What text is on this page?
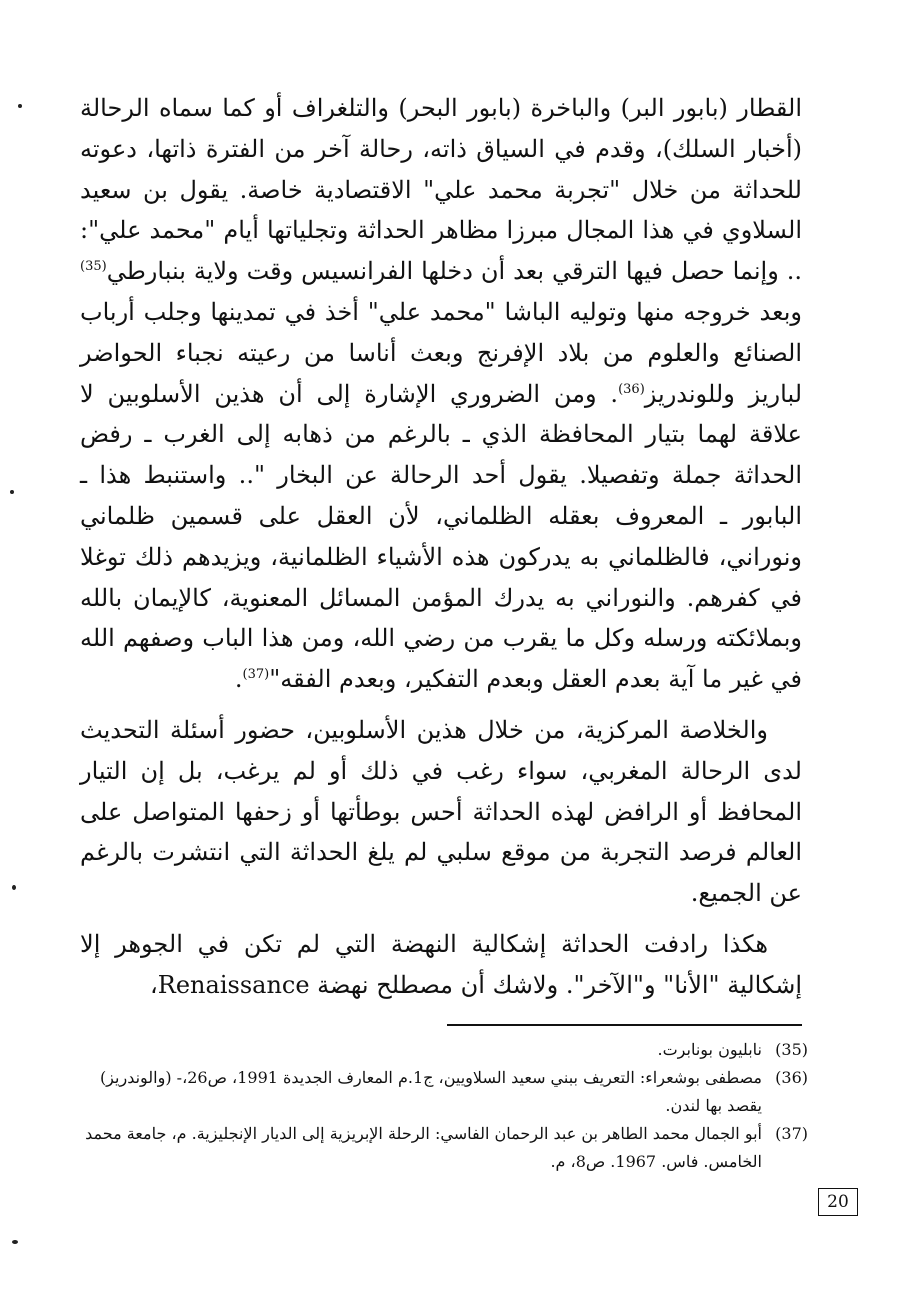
القطار (بابور البر) والباخرة (بابور البحر) والتلغراف أو كما سماه الرحالة (أخبار السلك)، وقدم في السياق ذاته، رحالة آخر من الفترة ذاتها، دعوته للحداثة من خلال "تجربة محمد علي" الاقتصادية خاصة. يقول بن سعيد السلاوي في هذا المجال مبرزا مظاهر الحداثة وتجلياتها أيام "محمد علي": .. وإنما حصل فيها الترقي بعد أن دخلها الفرانسيس وقت ولاية بنبارطي$^{(35)}$ وبعد خروجه منها وتوليه الباشا "محمد علي" أخذ في تمدينها وجلب أرباب الصنائع والعلوم من بلاد الإفرنج وبعث أناسا من رعيته نجباء الحواضر لباريز وللوندريز$^{(36)}$. ومن الضروري الإشارة إلى أن هذين الأسلوبين لا علاقة لهما بتيار المحافظة الذي ـ بالرغم من ذهابه إلى الغرب ـ رفض الحداثة جملة وتفصيلا. يقول أحد الرحالة عن البخار ".. واستنبط هذا ـ البابور ـ المعروف بعقله الظلماني، لأن العقل على قسمين ظلماني ونوراني، فالظلماني به يدركون هذه الأشياء الظلمانية، ويزيدهم ذلك توغلا في كفرهم. والنوراني به يدرك المؤمن المسائل المعنوية، كالإيمان بالله وبملائكته ورسله وكل ما يقرب من رضي الله، ومن هذا الباب وصفهم الله في غير ما آية بعدم العقل وبعدم التفكير، وبعدم الفقه"$^{(37)}$.

والخلاصة المركزية، من خلال هذين الأسلوبين، حضور أسئلة التحديث لدى الرحالة المغربي، سواء رغب في ذلك أو لم يرغب، بل إن التيار المحافظ أو الرافض لهذه الحداثة أحس بوطأتها أو زحفها المتواصل على العالم فرصد التجربة من موقع سلبي لم يلغ الحداثة التي انتشرت بالرغم عن الجميع.

هكذا رادفت الحداثة إشكالية النهضة التي لم تكن في الجوهر إلا إشكالية "الأنا" و"الآخر". ولاشك أن مصطلح نهضة Renaissance،

(35)
نابليون بونابرت.
(36)
مصطفى بوشعراء: التعريف ببني سعيد السلاويين، ج1.م المعارف الجديدة 1991، ص26،- (والوندريز) يقصد بها لندن.
(37)
أبو الجمال محمد الطاهر بن عبد الرحمان الفاسي: الرحلة الإبريزية إلى الديار الإنجليزية. م، جامعة محمد الخامس. فاس. 1967. ص8، م.
20
